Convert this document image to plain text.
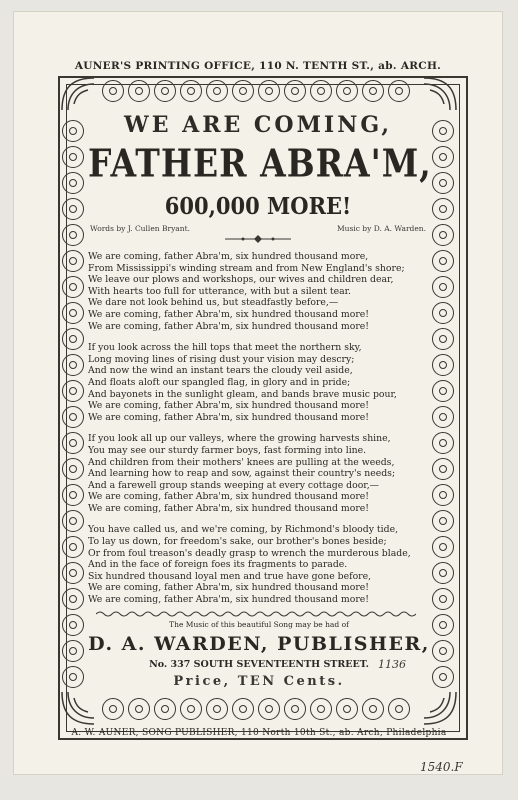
AUNER'S PRINTING OFFICE, 110 N. TENTH ST., ab. ARCH.
WE ARE COMING,
FATHER ABRA'M,
600,000 MORE!
Words by J. Cullen Bryant.	Music by D. A. Warden.
We are coming, father Abra'm, six hundred thousand more,
From Mississippi's winding stream and from New England's shore;
We leave our plows and workshops, our wives and children dear,
With hearts too full for utterance, with but a silent tear.
We dare not look behind us, but steadfastly before,—
We are coming, father Abra'm, six hundred thousand more!
We are coming, father Abra'm, six hundred thousand more!
If you look across the hill tops that meet the northern sky,
Long moving lines of rising dust your vision may descry;
And now the wind an instant tears the cloudy veil aside,
And floats aloft our spangled flag, in glory and in pride;
And bayonets in the sunlight gleam, and bands brave music pour,
We are coming, father Abra'm, six hundred thousand more!
We are coming, father Abra'm, six hundred thousand more!
If you look all up our valleys, where the growing harvests shine,
You may see our sturdy farmer boys, fast forming into line.
And children from their mothers' knees are pulling at the weeds,
And learning how to reap and sow, against their country's needs;
And a farewell group stands weeping at every cottage door,—
We are coming, father Abra'm, six hundred thousand more!
We are coming, father Abra'm, six hundred thousand more!
You have called us, and we're coming, by Richmond's bloody tide,
To lay us down, for freedom's sake, our brother's bones beside;
Or from foul treason's deadly grasp to wrench the murderous blade,
And in the face of foreign foes its fragments to parade.
Six hundred thousand loyal men and true have gone before,
We are coming, father Abra'm, six hundred thousand more!
We are coming, father Abra'm, six hundred thousand more!
The Music of this beautiful Song may be had of
D. A. WARDEN, PUBLISHER,
No. 337 SOUTH SEVENTEENTH STREET.
Price, TEN Cents.
1136
A. W. AUNER, SONG PUBLISHER, 110 North 10th St., ab. Arch, Philadelphia
1540.F
